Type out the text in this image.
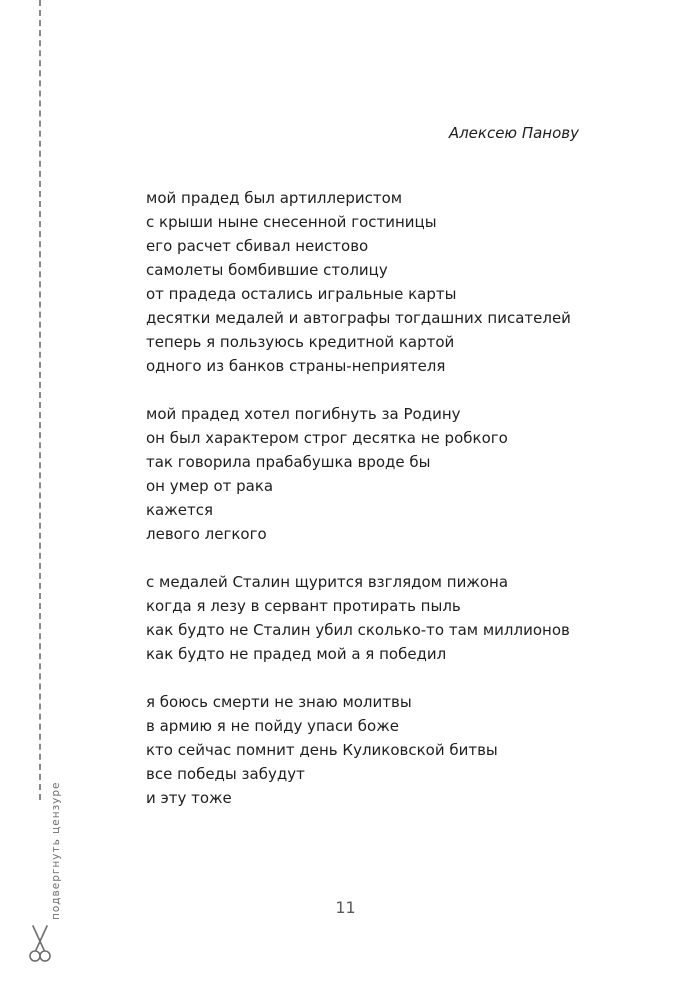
подвергнуть цензуре
Алексею Панову
мой прадед был артиллеристом
с крыши ныне снесенной гостиницы
его расчет сбивал неистово
самолеты бомбившие столицу
от прадеда остались игральные карты
десятки медалей и автографы тогдашних писателей
теперь я пользуюсь кредитной картой
одного из банков страны-неприятеля
мой прадед хотел погибнуть за Родину
он был характером строг десятка не робкого
так говорила прабабушка вроде бы
он умер от рака
кажется
левого легкого
с медалей Сталин щурится взглядом пижона
когда я лезу в сервант протирать пыль
как будто не Сталин убил сколько-то там миллионов
как будто не прадед мой а я победил
я боюсь смерти не знаю молитвы
в армию я не пойду упаси боже
кто сейчас помнит день Куликовской битвы
все победы забудут
и эту тоже
11
